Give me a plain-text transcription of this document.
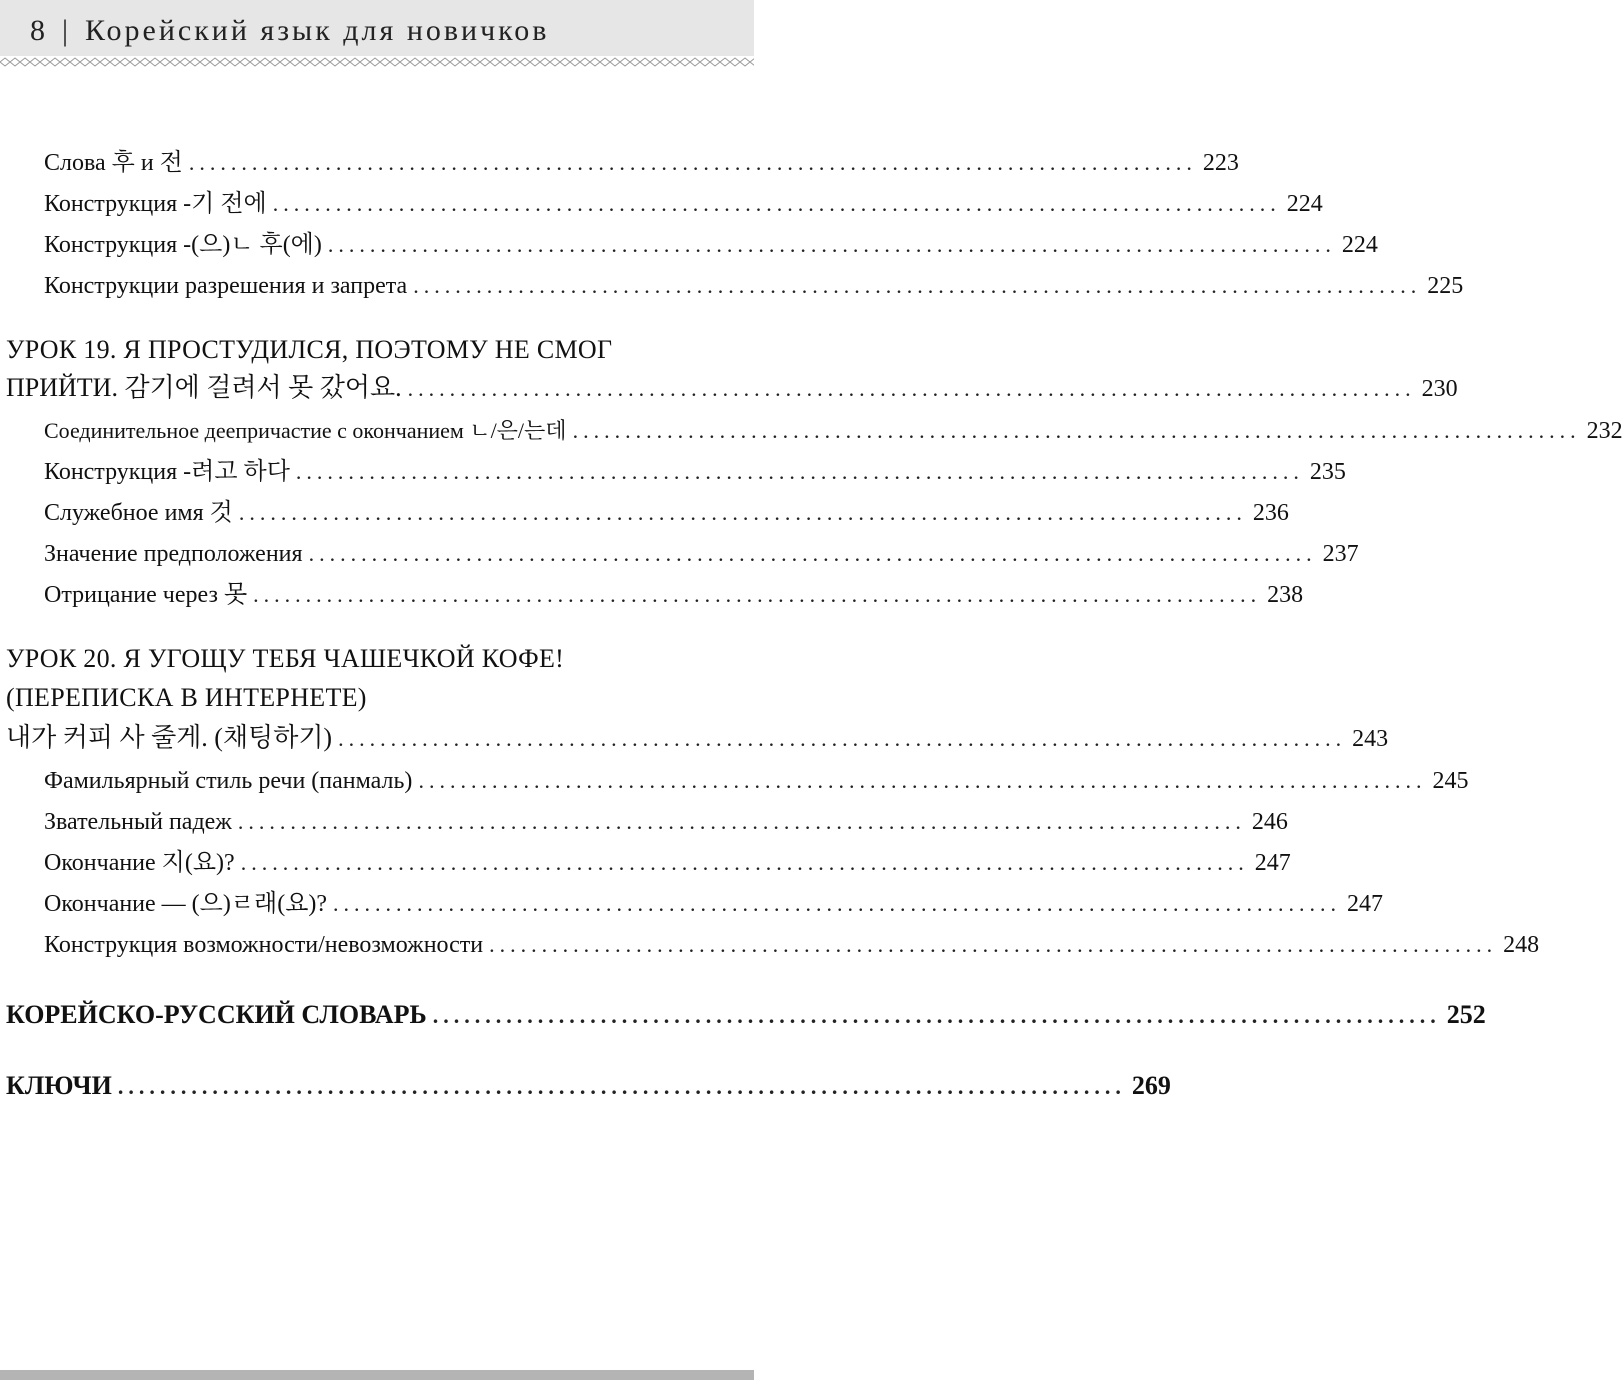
8 | Корейский язык для новичков
Слова 후 и 전 ................................................................................................ 223
Конструкция -기 전에 ................................................................................................ 224
Конструкция -(으)ㄴ 후(에) ................................................................................................ 224
Конструкции разрешения и запрета ................................................................................................ 225
УРОК 19. Я ПРОСТУДИЛСЯ, ПОЭТОМУ НЕ СМОГ
ПРИЙТИ. 감기에 걸려서 못 갔어요. ................................................................................................ 230
Соединительное деепричастие с окончанием ㄴ/은/는데 ................................................................................................ 232
Конструкция -려고 하다 ................................................................................................ 235
Служебное имя 것 ................................................................................................ 236
Значение предположения ................................................................................................ 237
Отрицание через 못 ................................................................................................ 238
УРОК 20. Я УГОЩУ ТЕБЯ ЧАШЕЧКОЙ КОФЕ!
(ПЕРЕПИСКА В ИНТЕРНЕТЕ)
내가 커피 사 줄게. (채팅하기) ................................................................................................ 243
Фамильярный стиль речи (панмаль) ................................................................................................ 245
Звательный падеж ................................................................................................ 246
Окончание 지(요)? ................................................................................................ 247
Окончание — (으)ㄹ래(요)? ................................................................................................ 247
Конструкция возможности/невозможности ................................................................................................ 248
КОРЕЙСКО-РУССКИЙ СЛОВАРЬ ................................................................................................ 252
КЛЮЧИ ................................................................................................ 269
